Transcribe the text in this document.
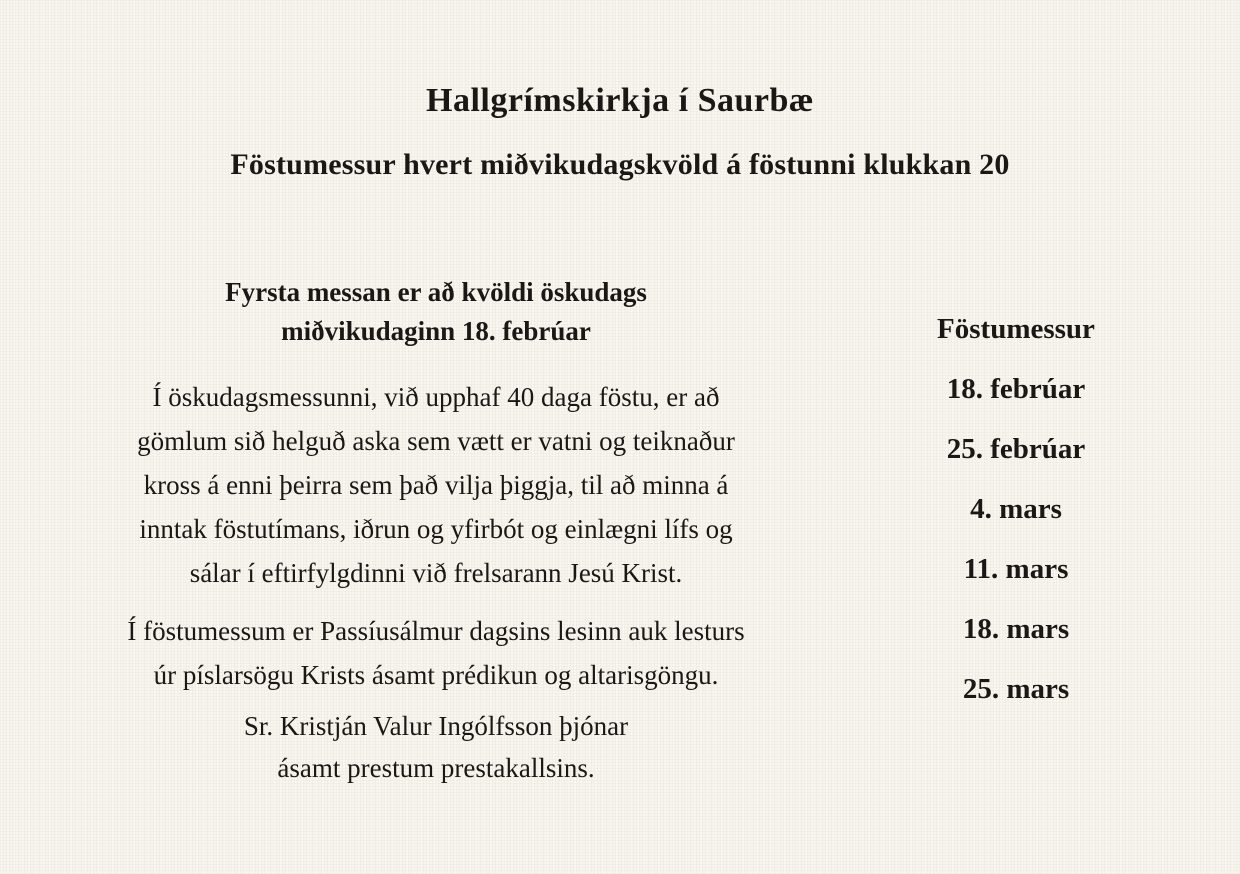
Hallgrímskirkja í Saurbæ
Föstumessur hvert miðvikudagskvöld á föstunni klukkan 20
Fyrsta messan er að kvöldi öskudags
miðvikudaginn 18. febrúar
Í öskudagsmessunni, við upphaf 40 daga föstu, er að
gömlum sið helguð aska sem vætt er vatni og teiknaður
kross á enni þeirra sem það vilja þiggja, til að minna á
inntak föstutímans, iðrun og yfirbót og einlægni lífs og
sálar í eftirfylgdinni við frelsarann Jesú Krist.
Í föstumessum er Passíusálmur dagsins lesinn auk lesturs
úr píslarsögu Krists ásamt prédikun og altarisgöngu.
Sr. Kristján Valur Ingólfsson þjónar
ásamt prestum prestakallsins.
Föstumessur
18. febrúar
25. febrúar
4. mars
11. mars
18. mars
25. mars
